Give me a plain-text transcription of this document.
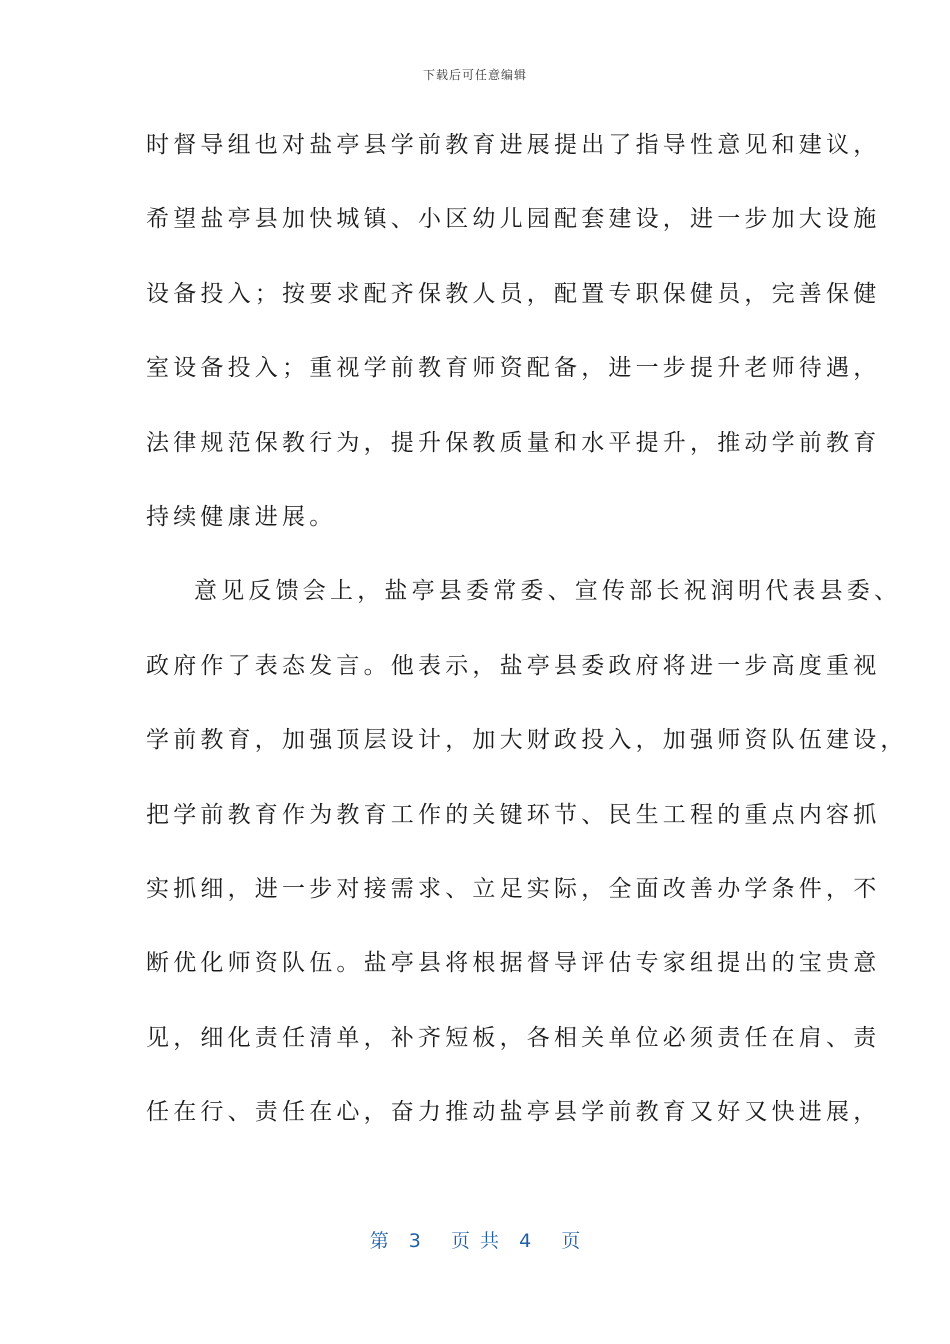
下载后可任意编辑
时督导组也对盐亭县学前教育进展提出了指导性意见和建议，
希望盐亭县加快城镇、小区幼儿园配套建设，进一步加大设施
设备投入；按要求配齐保教人员，配置专职保健员，完善保健
室设备投入；重视学前教育师资配备，进一步提升老师待遇，
法律规范保教行为，提升保教质量和水平提升，推动学前教育
持续健康进展。
意见反馈会上，盐亭县委常委、宣传部长祝润明代表县委、
政府作了表态发言。他表示，盐亭县委政府将进一步高度重视
学前教育，加强顶层设计，加大财政投入，加强师资队伍建设，
把学前教育作为教育工作的关键环节、民生工程的重点内容抓
实抓细，进一步对接需求、立足实际，全面改善办学条件，不
断优化师资队伍。盐亭县将根据督导评估专家组提出的宝贵意
见，细化责任清单，补齐短板，各相关单位必须责任在肩、责
任在行、责任在心，奋力推动盐亭县学前教育又好又快进展，
第  3   页 共  4   页
